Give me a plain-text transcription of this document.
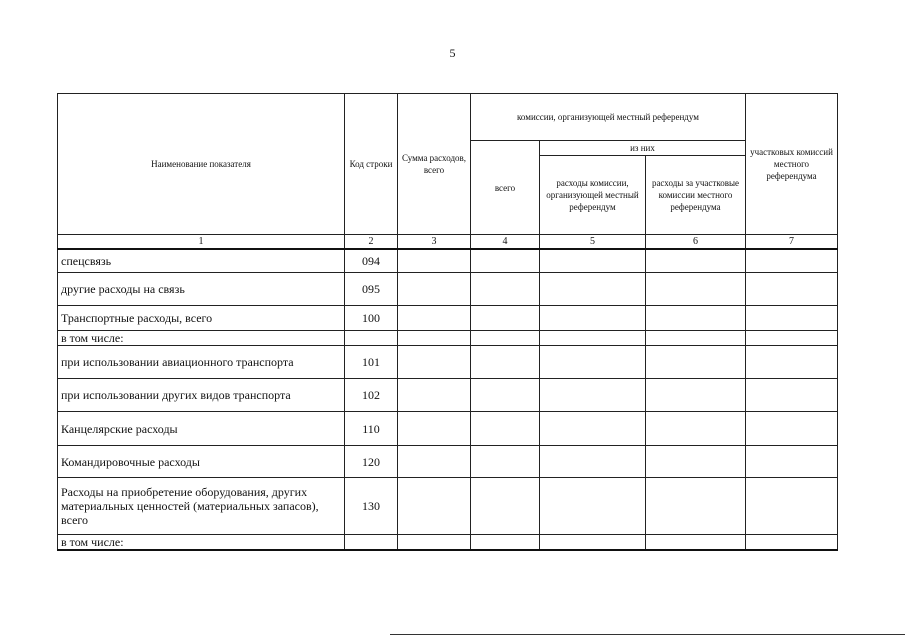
5
Наименование показателя	Код строки	Сумма расходов, всего	комиссии, организующей местный референдум			участковых комиссий местного референдума
			всего	из них		
				расходы комиссии, организующей местный референдум	расходы за участковые комиссии местного референдума	
1	2	3	4	5	6	7
спецсвязь	094					
другие расходы на связь	095					
Транспортные расходы, всего	100					
в том числе:						
при использовании авиационного транспорта	101					
при использовании других видов транспорта	102					
Канцелярские расходы	110					
Командировочные расходы	120					
Расходы на приобретение оборудования, других материальных ценностей (материальных запасов), всего	130					
в том числе:						
